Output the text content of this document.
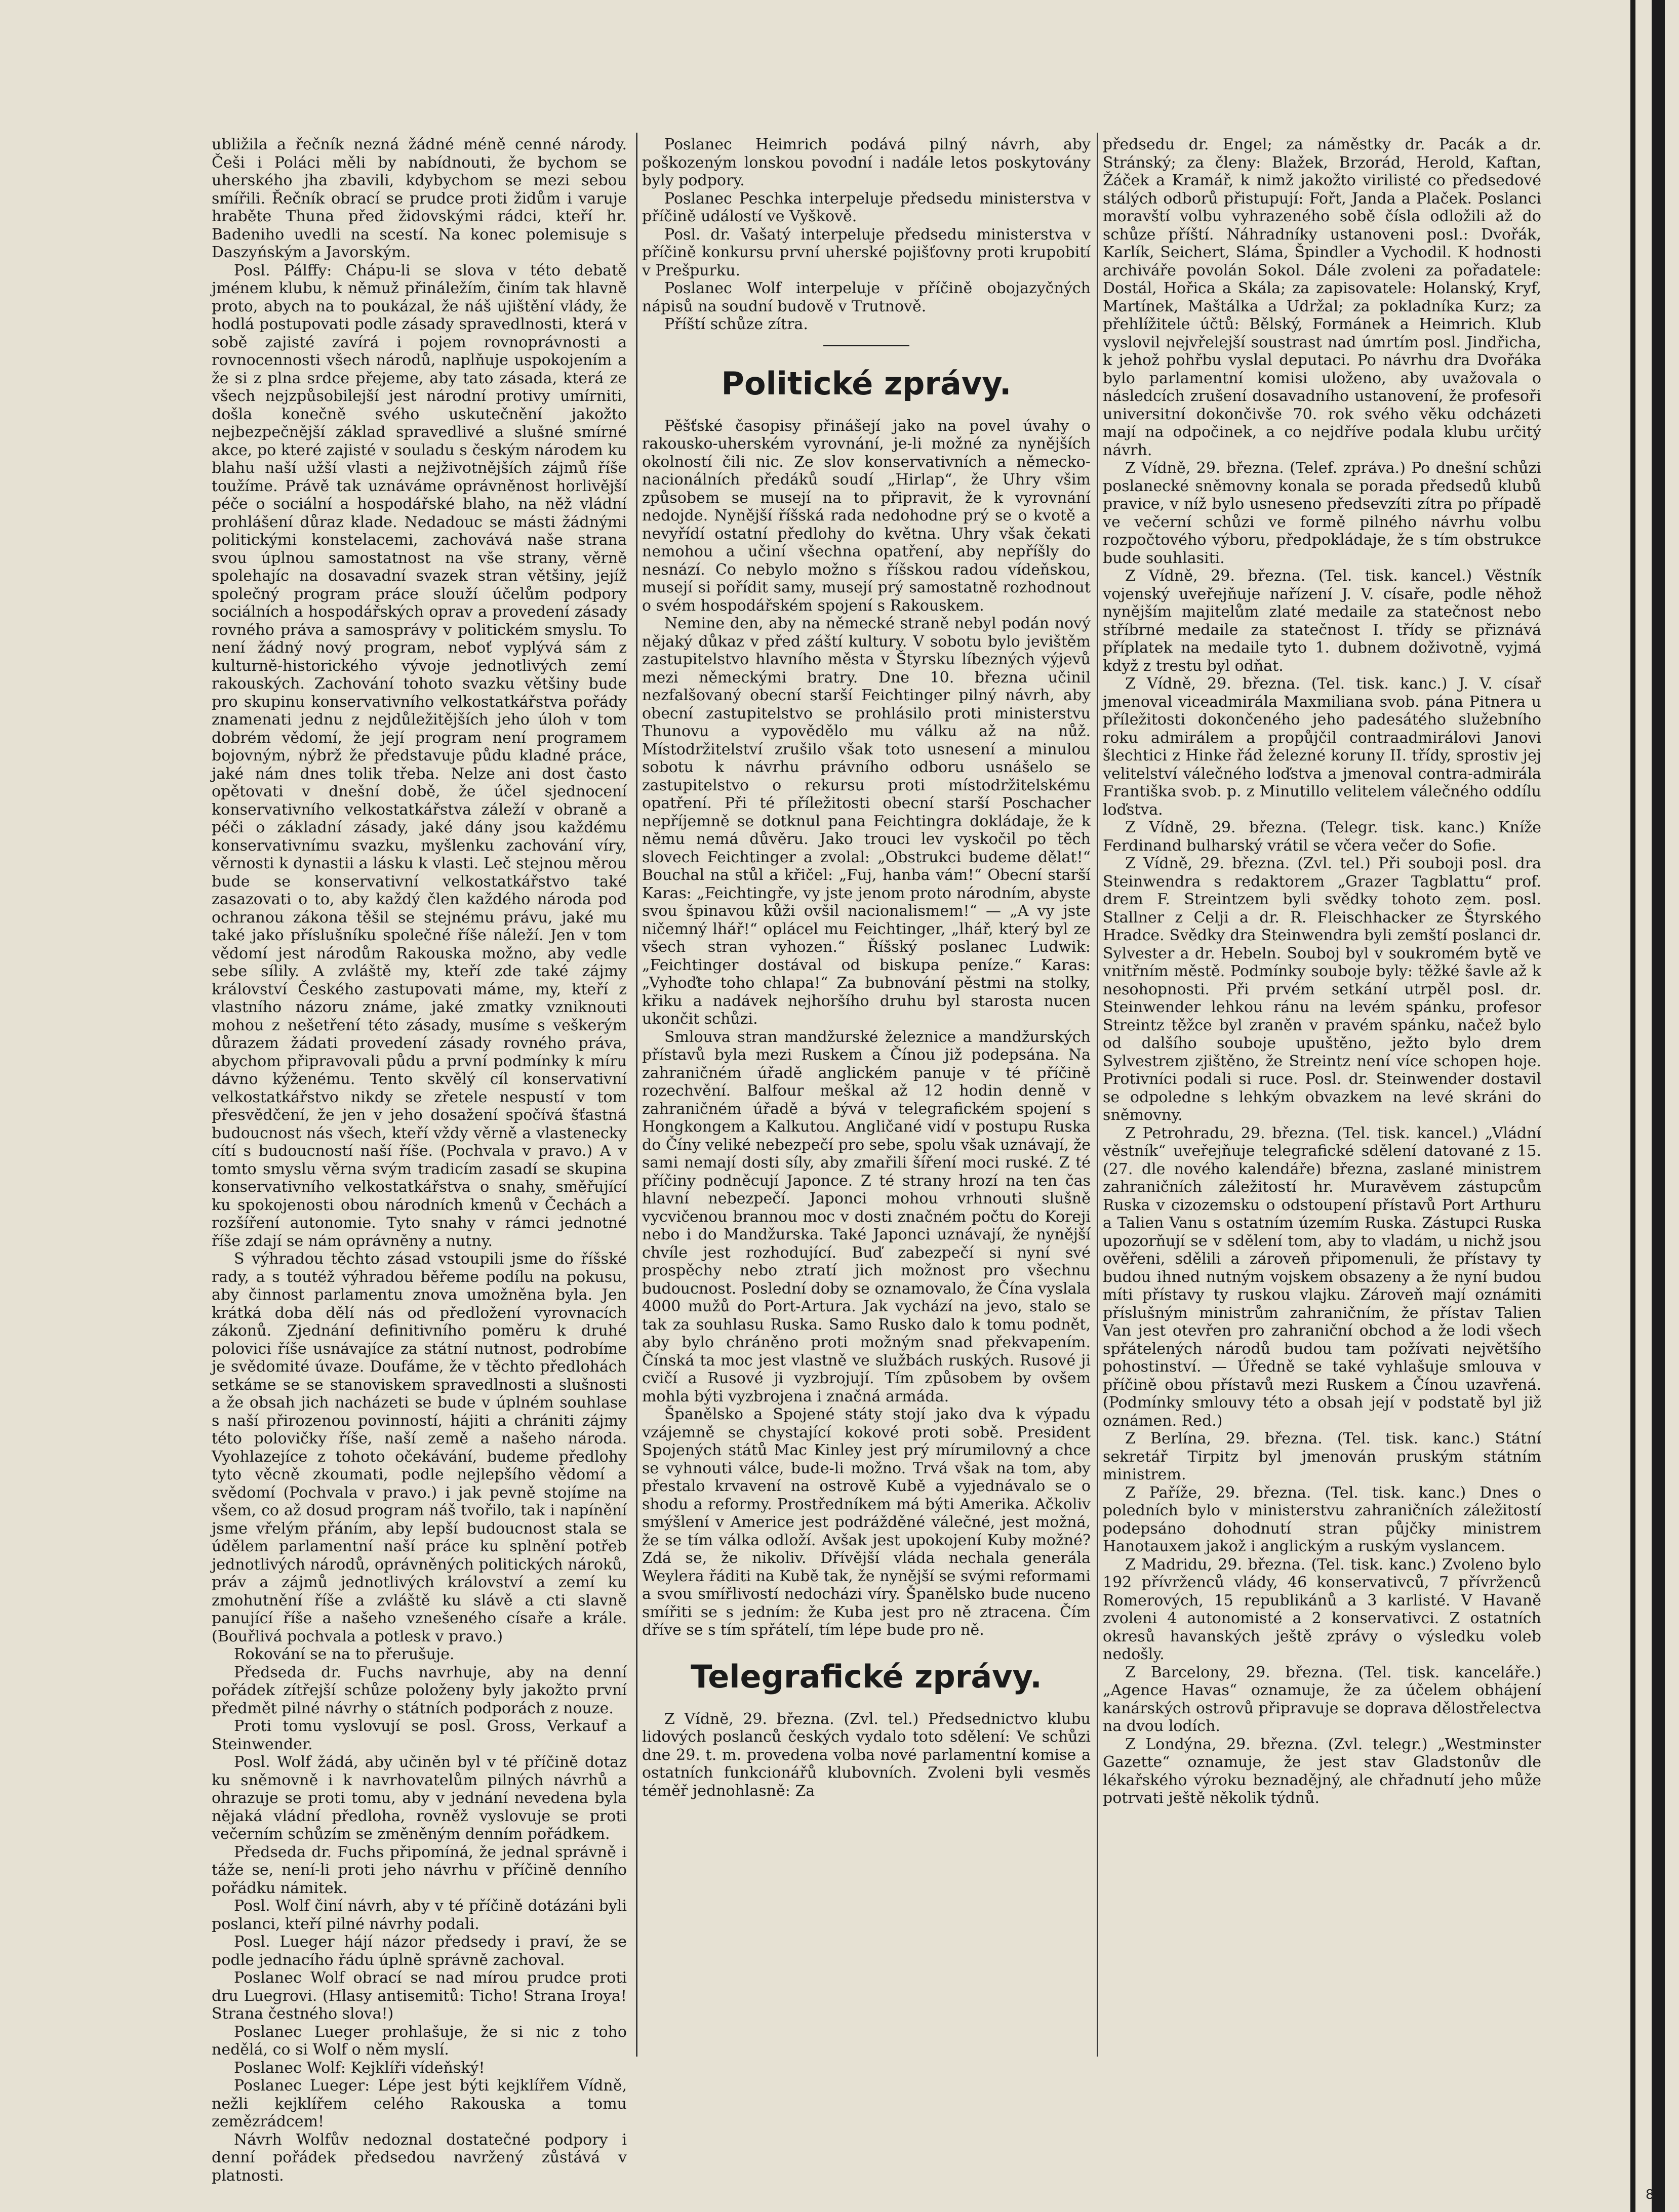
ubližila a řečník nezná žádné méně cenné národy. Češi i Poláci měli by nabídnouti, že bychom se uherského jha zbavili, kdybychom se mezi sebou smířili. Řečník obrací se prudce proti židům i varuje hraběte Thuna před židovskými rádci, kteří hr. Badeniho uvedli na scestí. Na konec polemisuje s Daszyńským a Javorským.

Posl. Pálffy: Chápu-li se slova v této debatě jménem klubu, k němuž přináležím, činím tak hlavně proto, abych na to poukázal, že náš ujištění vlády, že hodlá postupovati podle zásady spravedlnosti, která v sobě zajisté zavírá i pojem rovnoprávnosti a rovnocennosti všech národů, naplňuje uspokojením a že si z plna srdce přejeme, aby tato zásada, která ze všech nejzpůsobilejší jest národní protivy umírniti, došla konečně svého uskutečnění jakožto nejbezpečnější základ spravedlivé a slušné smírné akce, po které zajisté v souladu s českým národem ku blahu naší užší vlasti a nejživotnějších zájmů říše toužíme. Právě tak uznáváme oprávněnost horlivější péče o sociální a hospodářské blaho, na něž vládní prohlášení důraz klade. Nedadouc se másti žádnými politickými konstelacemi, zachovává naše strana svou úplnou samostatnost na vše strany, věrně spolehajíc na dosavadní svazek stran většiny, jejíž společný program práce slouží účelům podpory sociálních a hospodářských oprav a provedení zásady rovného práva a samosprávy v politickém smyslu. To není žádný nový program, neboť vyplývá sám z kulturně-historického vývoje jednotlivých zemí rakouských. Zachování tohoto svazku většiny bude pro skupinu konservativního velkostatkářstva pořády znamenati jednu z nejdůležitějších jeho úloh v tom dobrém vědomí, že její program není programem bojovným, nýbrž že představuje půdu kladné práce, jaké nám dnes tolik třeba. Nelze ani dost často opětovati v dnešní době, že účel sjednocení konservativního velkostatkářstva záleží v obraně a péči o základní zásady, jaké dány jsou každému konservativnímu svazku, myšlenku zachování víry, věrnosti k dynastii a lásku k vlasti. Leč stejnou měrou bude se konservativní velkostatkářstvo také zasazovati o to, aby každý člen každého národa pod ochranou zákona těšil se stejnému právu, jaké mu také jako příslušníku společné říše náleží. Jen v tom vědomí jest národům Rakouska možno, aby vedle sebe sílily. A zvláště my, kteří zde také zájmy království Českého zastupovati máme, my, kteří z vlastního názoru známe, jaké zmatky vzniknouti mohou z nešetření této zásady, musíme s veškerým důrazem žádati provedení zásady rovného práva, abychom připravovali půdu a první podmínky k míru dávno kýženému. Tento skvělý cíl konservativní velkostatkářstvo nikdy se zřetele nespustí v tom přesvědčení, že jen v jeho dosažení spočívá šťastná budoucnost nás všech, kteří vždy věrně a vlastenecky cítí s budoucností naší říše. (Pochvala v pravo.) A v tomto smyslu věrna svým tradicím zasadí se skupina konservativního velkostatkářstva o snahy, směřující ku spokojenosti obou národních kmenů v Čechách a rozšíření autonomie. Tyto snahy v rámci jednotné říše zdají se nám oprávněny a nutny.

S výhradou těchto zásad vstoupili jsme do říšské rady, a s toutéž výhradou běřeme podílu na pokusu, aby činnost parlamentu znova umožněna byla. Jen krátká doba dělí nás od předložení vyrovnacích zákonů. Zjednání definitivního poměru k druhé polovici říše usnávajíce za státní nutnost, podrobíme je svědomité úvaze. Doufáme, že v těchto předlohách setkáme se se stanoviskem spravedlnosti a slušnosti a že obsah jich nacházeti se bude v úplném souhlase s naší přirozenou povinností, hájiti a chrániti zájmy této polovičky říše, naší země a našeho národa. Vyohlazejíce z tohoto očekávání, budeme předlohy tyto věcně zkoumati, podle nejlepšího vědomí a svědomí (Pochvala v pravo.) i jak pevně stojíme na všem, co až dosud program náš tvořilo, tak i napínění jsme vřelým přáním, aby lepší budoucnost stala se údělem parlamentní naší práce ku splnění potřeb jednotlivých národů, oprávněných politických nároků, práv a zájmů jednotlivých království a zemí ku zmohutnění říše a zvláště ku slávě a cti slavně panující říše a našeho vznešeného císaře a krále. (Bouřlivá pochvala a potlesk v pravo.)

Rokování se na to přerušuje.

Předseda dr. Fuchs navrhuje, aby na denní pořádek zítřejší schůze položeny byly jakožto první předmět pilné návrhy o státních podporách z nouze.

Proti tomu vyslovují se posl. Gross, Verkauf a Steinwender.

Posl. Wolf žádá, aby učiněn byl v té příčině dotaz ku sněmovně i k navrhovatelům pilných návrhů a ohrazuje se proti tomu, aby v jednání nevedena byla nějaká vládní předloha, rovněž vyslovuje se proti večerním schůzím se změněným denním pořádkem.

Předseda dr. Fuchs připomíná, že jednal správně i táže se, není-li proti jeho návrhu v příčině denního pořádku námitek.

Posl. Wolf činí návrh, aby v té příčině dotázáni byli poslanci, kteří pilné návrhy podali.

Posl. Lueger hájí názor předsedy i praví, že se podle jednacího řádu úplně správně zachoval.

Poslanec Wolf obrací se nad mírou prudce proti dru Luegrovi. (Hlasy antisemitů: Ticho! Strana Iroya! Strana čestného slova!)

Poslanec Lueger prohlašuje, že si nic z toho nedělá, co si Wolf o něm myslí.

Poslanec Wolf: Kejklíři vídeňský!

Poslanec Lueger: Lépe jest býti kejklířem Vídně, nežli kejklířem celého Rakouska a tomu zemězrádcem!

Návrh Wolfův nedoznal dostatečné podpory i denní pořádek předsedou navržený zůstává v platnosti.

Poslanec Heimrich podává pilný návrh, aby poškozeným lonskou povodní i nadále letos poskytovány byly podpory.

Poslanec Peschka interpeluje předsedu ministerstva v příčině událostí ve Vyškově.

Posl. dr. Vašatý interpeluje předsedu ministerstva v příčině konkursu první uherské pojišťovny proti krupobití v Prešpurku.

Poslanec Wolf interpeluje v příčině obojazyčných nápisů na soudní budově v Trutnově.

Příští schůze zítra.

Politické zprávy.

Pěšťské časopisy přinášejí jako na povel úvahy o rakousko-uherském vyrovnání, je-li možné za nynějších okolností čili nic. Ze slov konservativních a německo-nacionálních předáků soudí „Hirlap“, že Uhry všim způsobem se musejí na to připravit, že k vyrovnání nedojde. Nynější říšská rada nedohodne prý se o kvotě a nevyřídí ostatní předlohy do května. Uhry však čekati nemohou a učiní všechna opatření, aby nepříšly do nesnází. Co nebylo možno s říšskou radou vídeňskou, musejí si pořídit samy, musejí prý samostatně rozhodnout o svém hospodářském spojení s Rakouskem.

Nemine den, aby na německé straně nebyl podán nový nějaký důkaz v před záští kultury. V sobotu bylo jevištěm zastupitelstvo hlavního města v Štyrsku líbezných výjevů mezi německými bratry. Dne 10. března učinil nezfalšovaný obecní starší Feichtinger pilný návrh, aby obecní zastupitelstvo se prohlásilo proti ministerstvu Thunovu a vypovědělo mu válku až na nůž. Místodržitelství zrušilo však toto usnesení a minulou sobotu k návrhu právního odboru usnášelo se zastupitelstvo o rekursu proti místodržitelskému opatření. Při té příležitosti obecní starší Poschacher nepříjemně se dotknul pana Feichtingra dokládaje, že k němu nemá důvěru. Jako trouci lev vyskočil po těch slovech Feichtinger a zvolal: „Obstrukci budeme dělat!“ Bouchal na stůl a křičel: „Fuj, hanba vám!“ Obecní starší Karas: „Feichtingře, vy jste jenom proto národním, abyste svou špinavou kůži ovšil nacionalismem!“ — „A vy jste ničemný lhář!“ oplácel mu Feichtinger, „lhář, který byl ze všech stran vyhozen.“ Říšský poslanec Ludwik: „Feichtinger dostával od biskupa peníze.“ Karas: „Vyhoďte toho chlapa!“ Za bubnování pěstmi na stolky, křiku a nadávek nejhoršího druhu byl starosta nucen ukončit schůzi.

Smlouva stran mandžurské železnice a mandžurských přístavů byla mezi Ruskem a Čínou již podepsána. Na zahraničném úřadě anglickém panuje v té příčině rozechvění. Balfour meškal až 12 hodin denně v zahraničném úřadě a bývá v telegrafickém spojení s Hongkongem a Kalkutou. Angličané vidí v postupu Ruska do Číny veliké nebezpečí pro sebe, spolu však uznávají, že sami nemají dosti síly, aby zmařili šíření moci ruské. Z té příčiny podněcují Japonce. Z té strany hrozí na ten čas hlavní nebezpečí. Japonci mohou vrhnouti slušně vycvičenou brannou moc v dosti značném počtu do Koreji nebo i do Mandžurska. Také Japonci uznávají, že nynější chvíle jest rozhodující. Buď zabezpečí si nyní své prospěchy nebo ztratí jich možnost pro všechnu budoucnost. Poslední doby se oznamovalo, že Čína vyslala 4000 mužů do Port-Artura. Jak vychází na jevo, stalo se tak za souhlasu Ruska. Samo Rusko dalo k tomu podnět, aby bylo chráněno proti možným snad překvapením. Čínská ta moc jest vlastně ve službách ruských. Rusové ji cvičí a Rusové ji vyzbrojují. Tím způsobem by ovšem mohla býti vyzbrojena i značná armáda.

Španělsko a Spojené státy stojí jako dva k výpadu vzájemně se chystající kokové proti sobě. President Spojených států Mac Kinley jest prý mírumilovný a chce se vyhnouti válce, bude-li možno. Trvá však na tom, aby přestalo krvavení na ostrově Kubě a vyjednávalo se o shodu a reformy. Prostředníkem má býti Amerika. Ačkoliv smýšlení v Americe jest podrážděné válečné, jest možná, že se tím válka odloží. Avšak jest upokojení Kuby možné? Zdá se, že nikoliv. Dřívější vláda nechala generála Weylera řáditi na Kubě tak, že nynější se svými reformami a svou smířlivostí nedocházi víry. Španělsko bude nucenо smířiti se s jedním: že Kuba jest pro ně ztracena. Čím dříve se s tím spřátelí, tím lépe bude pro ně.

Telegrafické zprávy.

Z Vídně, 29. března. (Zvl. tel.) Předsednictvo klubu lidových poslanců českých vydalo toto sdělení: Ve schůzi dne 29. t. m. provedena volba nové parlamentní komise a ostatních funkcionářů klubovních. Zvoleni byli vesměs téměř jednohlasně: Za

předsedu dr. Engel; za náměstky dr. Pacák a dr. Stránský; za členy: Blažek, Brzorád, Herold, Kaftan, Žáček a Kramář, k nimž jakožto virilisté co předsedové stálých odborů přistupují: Fořt, Janda a Plaček. Poslanci moravští volbu vyhrazeného sobě čísla odložili až do schůze příští. Náhradníky ustanoveni posl.: Dvořák, Karlík, Seichert, Sláma, Špindler a Vychodil. K hodnosti archiváře povolán Sokol. Dále zvoleni za pořadatele: Dostál, Hořica a Skála; za zapisovatele: Holanský, Kryf, Martínek, Maštálka a Udržal; za pokladníka Kurz; za přehlížitele účtů: Bělský, Formánek a Heimrich. Klub vyslovil nejvřelejší soustrast nad úmrtím posl. Jindřicha, k jehož pohřbu vyslal deputaci. Po návrhu dra Dvořáka bylo parlamentní komisi uloženo, aby uvažovala o následcích zrušení dosavadního ustanovení, že profesoři universitní dokončivše 70. rok svého věku odcházeti mají na odpočinek, a co nejdříve podala klubu určitý návrh.

Z Vídně, 29. března. (Telef. zpráva.) Po dnešní schůzi poslanecké sněmovny konala se porada předsedů klubů pravice, v níž bylo usneseno předsevzíti zítra po případě ve večerní schůzi ve formě pilného návrhu volbu rozpočtového výboru, předpokládaje, že s tím obstrukce bude souhlasiti.

Z Vídně, 29. března. (Tel. tisk. kancel.) Věstník vojenský uveřejňuje nařízení J. V. císaře, podle něhož nynějším majitelům zlaté medaile za statečnost nebo stříbrné medaile za statečnost I. třídy se přiznává příplatek na medaile tyto 1. dubnem doživotně, vyjmá když z trestu byl odňat.

Z Vídně, 29. března. (Tel. tisk. kanc.) J. V. císař jmenoval viceadmirála Maxmiliana svob. pána Pitnera u příležitosti dokončeného jeho padesátého služebního roku admirálem a propůjčil contraadmirálovi Janovi šlechtici z Hinke řád železné koruny II. třídy, sprostiv jej velitelství válečného loďstva a jmenoval contra-admirála Františka svob. p. z Minutillo velitelem válečného oddílu loďstva.

Z Vídně, 29. března. (Telegr. tisk. kanc.) Kníže Ferdinand bulharský vrátil se včera večer do Sofie.

Z Vídně, 29. března. (Zvl. tel.) Při souboji posl. dra Steinwendra s redaktorem „Grazer Tagblattu“ prof. drem F. Streintzem byli svědky tohoto zem. posl. Stallner z Celji a dr. R. Fleischhacker ze Štyrského Hradce. Svědky dra Steinwendra byli zemští poslanci dr. Sylvester a dr. Hebeln. Souboj byl v soukromém bytě ve vnitřním městě. Podmínky souboje byly: těžké šavle až k nesohopnosti. Při prvém setkání utrpěl posl. dr. Steinwender lehkou ránu na levém spánku, profesor Streintz těžce byl zraněn v pravém spánku, načež bylo od dalšího souboje upuštěno, ježto bylo drem Sylvestrem zjištěno, že Streintz není více schopen hoje. Protivníci podali si ruce. Posl. dr. Steinwender dostavil se odpoledne s lehkým obvazkem na levé skráni do sněmovny.

Z Petrohradu, 29. března. (Tel. tisk. kancel.) „Vládní věstník“ uveřejňuje telegrafické sdělení datované z 15. (27. dle nového kalendáře) března, zaslané ministrem zahraničních záležitostí hr. Muravěvem zástupcům Ruska v cizozemsku o odstoupení přístavů Port Arthuru a Talien Vanu s ostatním územím Ruska. Zástupci Ruska upozorňují se v sdělení tom, aby to vladám, u nichž jsou ověřeni, sdělili a zároveň připomenuli, že přístavy ty budou ihned nutným vojskem obsazeny a že nyní budou míti přístavy ty ruskou vlajku. Zároveň mají oznámiti příslušným ministrům zahraničním, že přístav Talien Van jest otevřen pro zahraniční obchod a že lodi všech spřátelených národů budou tam požívati největšího pohostinství. — Úředně se také vyhlašuje smlouva v příčině obou přístavů mezi Ruskem a Čínou uzavřená. (Podmínky smlouvy této a obsah její v podstatě byl již oznámen. Red.)

Z Berlína, 29. března. (Tel. tisk. kanc.) Státní sekretář Tirpitz byl jmenován pruským státním ministrem.

Z Paříže, 29. března. (Tel. tisk. kanc.) Dnes o poledních bylo v ministerstvu zahraničních záležitostí podepsáno dohodnutí stran půjčky ministrem Hanotauxem jakož i anglickým a ruským vyslancem.

Z Madridu, 29. března. (Tel. tisk. kanc.) Zvoleno bylo 192 přívrženců vlády, 46 konservativců, 7 přívrženců Romerových, 15 republikánů a 3 karlisté. V Havaně zvoleni 4 autonomisté a 2 konservativci. Z ostatních okresů havanských ještě zprávy o výsledku voleb nedošly.

Z Barcelony, 29. března. (Tel. tisk. kanceláře.) „Agence Havas“ oznamuje, že za účelem obhájení kanárských ostrovů připravuje se doprava dělostřelectva na dvou lodích.

Z Londýna, 29. března. (Zvl. telegr.) „Westminster Gazette“ oznamuje, že jest stav Gladstonův dle lékařského výroku beznadějný, ale chřadnutí jeho může potrvati ještě několik týdnů.

8
